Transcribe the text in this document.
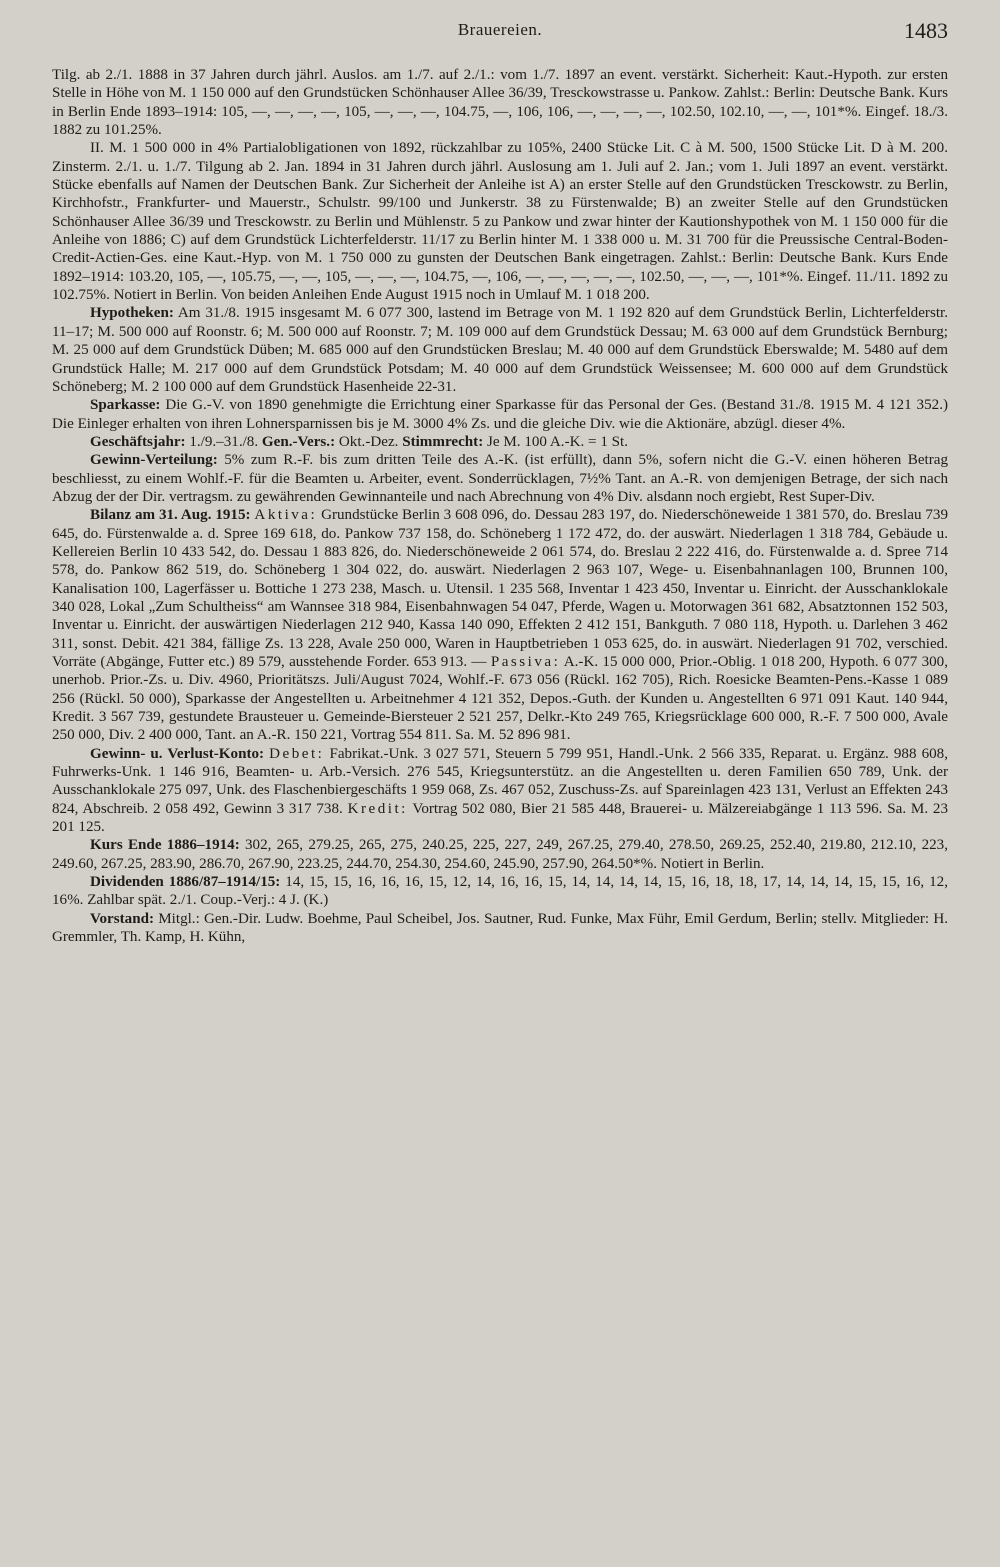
Brauereien.	1483

Tilg. ab 2./1. 1888 in 37 Jahren durch jährl. Auslos. am 1./7. auf 2./1.: vom 1./7. 1897 an event. verstärkt. Sicherheit: Kaut.-Hypoth. zur ersten Stelle in Höhe von M. 1 150 000 auf den Grundstücken Schönhauser Allee 36/39, Tresckowstrasse u. Pankow. Zahlst.: Berlin: Deutsche Bank. Kurs in Berlin Ende 1893–1914: 105, —, —, —, —, 105, —, —, —, 104.75, —, 106, 106, —, —, —, —, 102.50, 102.10, —, —, 101*%. Eingef. 18./3. 1882 zu 101.25%.

II. M. 1 500 000 in 4% Partialobligationen von 1892, rückzahlbar zu 105%, 2400 Stücke Lit. C à M. 500, 1500 Stücke Lit. D à M. 200. Zinsterm. 2./1. u. 1./7. Tilgung ab 2. Jan. 1894 in 31 Jahren durch jährl. Auslosung am 1. Juli auf 2. Jan.; vom 1. Juli 1897 an event. verstärkt. Stücke ebenfalls auf Namen der Deutschen Bank. Zur Sicherheit der Anleihe ist A) an erster Stelle auf den Grundstücken Tresckowstr. zu Berlin, Kirchhofstr., Frankfurter- und Mauerstr., Schulstr. 99/100 und Junkerstr. 38 zu Fürstenwalde; B) an zweiter Stelle auf den Grundstücken Schönhauser Allee 36/39 und Tresckowstr. zu Berlin und Mühlenstr. 5 zu Pankow und zwar hinter der Kautionshypothek von M. 1 150 000 für die Anleihe von 1886; C) auf dem Grundstück Lichterfelderstr. 11/17 zu Berlin hinter M. 1 338 000 u. M. 31 700 für die Preussische Central-Boden-Credit-Actien-Ges. eine Kaut.-Hyp. von M. 1 750 000 zu gunsten der Deutschen Bank eingetragen. Zahlst.: Berlin: Deutsche Bank. Kurs Ende 1892–1914: 103.20, 105, —, 105.75, —, —, 105, —, —, —, 104.75, —, 106, —, —, —, —, —, 102.50, —, —, —, 101*%. Eingef. 11./11. 1892 zu 102.75%. Notiert in Berlin. Von beiden Anleihen Ende August 1915 noch in Umlauf M. 1 018 200.

Hypotheken: Am 31./8. 1915 insgesamt M. 6 077 300, lastend im Betrage von M. 1 192 820 auf dem Grundstück Berlin, Lichterfelderstr. 11–17; M. 500 000 auf Roonstr. 6; M. 500 000 auf Roonstr. 7; M. 109 000 auf dem Grundstück Dessau; M. 63 000 auf dem Grundstück Bernburg; M. 25 000 auf dem Grundstück Düben; M. 685 000 auf den Grundstücken Breslau; M. 40 000 auf dem Grundstück Eberswalde; M. 5480 auf dem Grundstück Halle; M. 217 000 auf dem Grundstück Potsdam; M. 40 000 auf dem Grundstück Weissensee; M. 600 000 auf dem Grundstück Schöneberg; M. 2 100 000 auf dem Grundstück Hasenheide 22-31.

Sparkasse: Die G.-V. von 1890 genehmigte die Errichtung einer Sparkasse für das Personal der Ges. (Bestand 31./8. 1915 M. 4 121 352.) Die Einleger erhalten von ihren Lohnersparnissen bis je M. 3000 4% Zs. und die gleiche Div. wie die Aktionäre, abzügl. dieser 4%.

Geschäftsjahr: 1./9.–31./8. Gen.-Vers.: Okt.-Dez. Stimmrecht: Je M. 100 A.-K. = 1 St.

Gewinn-Verteilung: 5% zum R.-F. bis zum dritten Teile des A.-K. (ist erfüllt), dann 5%, sofern nicht die G.-V. einen höheren Betrag beschliesst, zu einem Wohlf.-F. für die Beamten u. Arbeiter, event. Sonderrücklagen, 7½% Tant. an A.-R. von demjenigen Betrage, der sich nach Abzug der der Dir. vertragsm. zu gewährenden Gewinnanteile und nach Abrechnung von 4% Div. alsdann noch ergiebt, Rest Super-Div.

Bilanz am 31. Aug. 1915: Aktiva: Grundstücke Berlin 3 608 096, do. Dessau 283 197, do. Niederschöneweide 1 381 570, do. Breslau 739 645, do. Fürstenwalde a. d. Spree 169 618, do. Pankow 737 158, do. Schöneberg 1 172 472, do. der auswärt. Niederlagen 1 318 784, Gebäude u. Kellereien Berlin 10 433 542, do. Dessau 1 883 826, do. Niederschöneweide 2 061 574, do. Breslau 2 222 416, do. Fürstenwalde a. d. Spree 714 578, do. Pankow 862 519, do. Schöneberg 1 304 022, do. auswärt. Niederlagen 2 963 107, Wege- u. Eisenbahnanlagen 100, Brunnen 100, Kanalisation 100, Lagerfässer u. Bottiche 1 273 238, Masch. u. Utensil. 1 235 568, Inventar 1 423 450, Inventar u. Einricht. der Ausschanklokale 340 028, Lokal „Zum Schultheiss“ am Wannsee 318 984, Eisenbahnwagen 54 047, Pferde, Wagen u. Motorwagen 361 682, Absatztonnen 152 503, Inventar u. Einricht. der auswärtigen Niederlagen 212 940, Kassa 140 090, Effekten 2 412 151, Bankguth. 7 080 118, Hypoth. u. Darlehen 3 462 311, sonst. Debit. 421 384, fällige Zs. 13 228, Avale 250 000, Waren in Hauptbetrieben 1 053 625, do. in auswärt. Niederlagen 91 702, verschied. Vorräte (Abgänge, Futter etc.) 89 579, ausstehende Forder. 653 913. — Passiva: A.-K. 15 000 000, Prior.-Oblig. 1 018 200, Hypoth. 6 077 300, unerhob. Prior.-Zs. u. Div. 4960, Prioritätszs. Juli/August 7024, Wohlf.-F. 673 056 (Rückl. 162 705), Rich. Roesicke Beamten-Pens.-Kasse 1 089 256 (Rückl. 50 000), Sparkasse der Angestellten u. Arbeitnehmer 4 121 352, Depos.-Guth. der Kunden u. Angestellten 6 971 091 Kaut. 140 944, Kredit. 3 567 739, gestundete Brausteuer u. Gemeinde-Biersteuer 2 521 257, Delkr.-Kto 249 765, Kriegsrücklage 600 000, R.-F. 7 500 000, Avale 250 000, Div. 2 400 000, Tant. an A.-R. 150 221, Vortrag 554 811. Sa. M. 52 896 981.

Gewinn- u. Verlust-Konto: Debet: Fabrikat.-Unk. 3 027 571, Steuern 5 799 951, Handl.-Unk. 2 566 335, Reparat. u. Ergänz. 988 608, Fuhrwerks-Unk. 1 146 916, Beamten- u. Arb.-Versich. 276 545, Kriegsunterstütz. an die Angestellten u. deren Familien 650 789, Unk. der Ausschanklokale 275 097, Unk. des Flaschenbiergeschäfts 1 959 068, Zs. 467 052, Zuschuss-Zs. auf Spareinlagen 423 131, Verlust an Effekten 243 824, Abschreib. 2 058 492, Gewinn 3 317 738. Kredit: Vortrag 502 080, Bier 21 585 448, Brauerei- u. Mälzereiabgänge 1 113 596. Sa. M. 23 201 125.

Kurs Ende 1886–1914: 302, 265, 279.25, 265, 275, 240.25, 225, 227, 249, 267.25, 279.40, 278.50, 269.25, 252.40, 219.80, 212.10, 223, 249.60, 267.25, 283.90, 286.70, 267.90, 223.25, 244.70, 254.30, 254.60, 245.90, 257.90, 264.50*%. Notiert in Berlin.

Dividenden 1886/87–1914/15: 14, 15, 15, 16, 16, 16, 15, 12, 14, 16, 16, 15, 14, 14, 14, 14, 15, 16, 18, 18, 17, 14, 14, 14, 15, 15, 16, 12, 16%. Zahlbar spät. 2./1. Coup.-Verj.: 4 J. (K.)

Vorstand: Mitgl.: Gen.-Dir. Ludw. Boehme, Paul Scheibel, Jos. Sautner, Rud. Funke, Max Führ, Emil Gerdum, Berlin; stellv. Mitglieder: H. Gremmler, Th. Kamp, H. Kühn,
